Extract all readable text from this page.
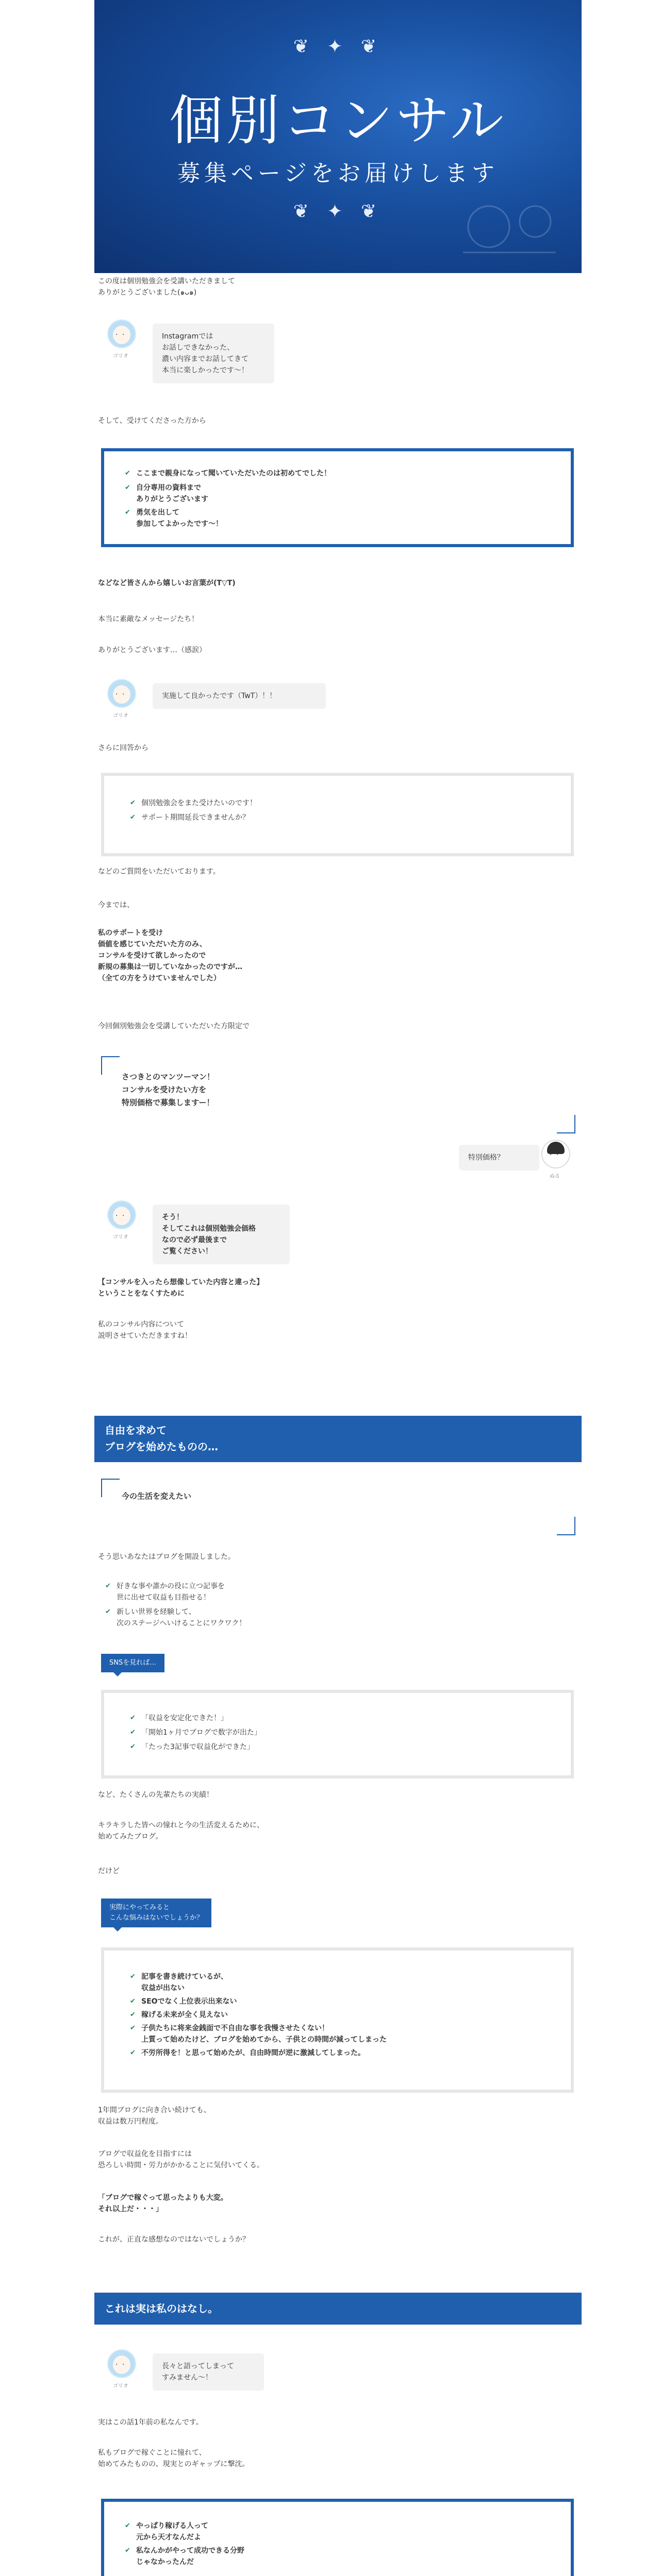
❦ ✦ ❦
個別コンサル
募集ページをお届けします
❦ ✦ ❦
この度は個別勉強会を受講いただきまして
ありがとうございました(๑ᴗ๑)
· ·
ゴリオ
Instagramでは
お話しできなかった、
濃い内容までお話してきて
本当に楽しかったです〜！
そして、受けてくださった方から
✔ ここまで親身になって聞いていただいたのは初めてでした！
✔ 自分専用の資料まで
ありがとうございます
✔ 勇気を出して
参加してよかったです〜！
などなど皆さんから嬉しいお言葉が(T▽T)
本当に素敵なメッセージたち！
ありがとうございます…（感涙）
· ·
ゴリオ
実施して良かったです（TwT）！！
さらに回答から
✔ 個別勉強会をまた受けたいのです！
✔ サポート期間延長できませんか？
などのご質問をいただいております。
今までは、
私のサポートを受け
価値を感じていただいた方のみ、
コンサルを受けて欲しかったので
新規の募集は一切していなかったのですが…
（全ての方をうけていませんでした）
今回個別勉強会を受講していただいた方限定で
さつきとのマンツーマン！
コンサルを受けたい方を
特別価格で募集しますー！
特別価格？
· ·
ぬる
· ·
ゴリオ
そう！
そしてこれは個別勉強会価格
なので必ず最後まで
ご覧ください！
【コンサルを入ったら想像していた内容と違った】
ということをなくすために
私のコンサル内容について
説明させていただきますね！
自由を求めて
ブログを始めたものの…
今の生活を変えたい
そう思いあなたはブログを開設しました。
✔ 好きな事や誰かの役に立つ記事を
世に出せて収益も目指せる！
✔ 新しい世界を経験して、
次のステージへいけることにワクワク！
SNSを見れば…
✔ 「収益を安定化できた！」
✔ 「開始1ヶ月でブログで数字が出た」
✔ 「たった3記事で収益化ができた」
など、たくさんの先輩たちの実績！
キラキラした皆への憧れと今の生活変えるために、
始めてみたブログ。
だけど
実際にやってみると
こんな悩みはないでしょうか？
✔ 記事を書き続けているが、
収益が出ない
✔ SEOでなく上位表示出来ない
✔ 稼げる未来が全く見えない
✔ 子供たちに将来金銭面で不自由な事を我慢させたくない！
上質って始めたけど、ブログを始めてから、子供との時間が減ってしまった
✔ 不労所得を！と思って始めたが、自由時間が逆に激減してしまった。
1年間ブログに向き合い続けても、
収益は数万円程度。
ブログで収益化を目指すには
恐ろしい時間・労力がかかることに気付いてくる。
「ブログで稼ぐって思ったよりも大変。
それ以上だ・・・」
これが、正直な感想なのではないでしょうか？
これは実は私のはなし。
· ·
ゴリオ
長々と語ってしまって
すみません〜！
実はこの話1年前の私なんです。
私もブログで稼ぐことに憧れて、
始めてみたものの、現実とのギャップに撃沈。
✔ やっぱり稼げる人って
元から天才なんだよ
✔ 私なんかがやって成功できる分野
じゃなかったんだ
